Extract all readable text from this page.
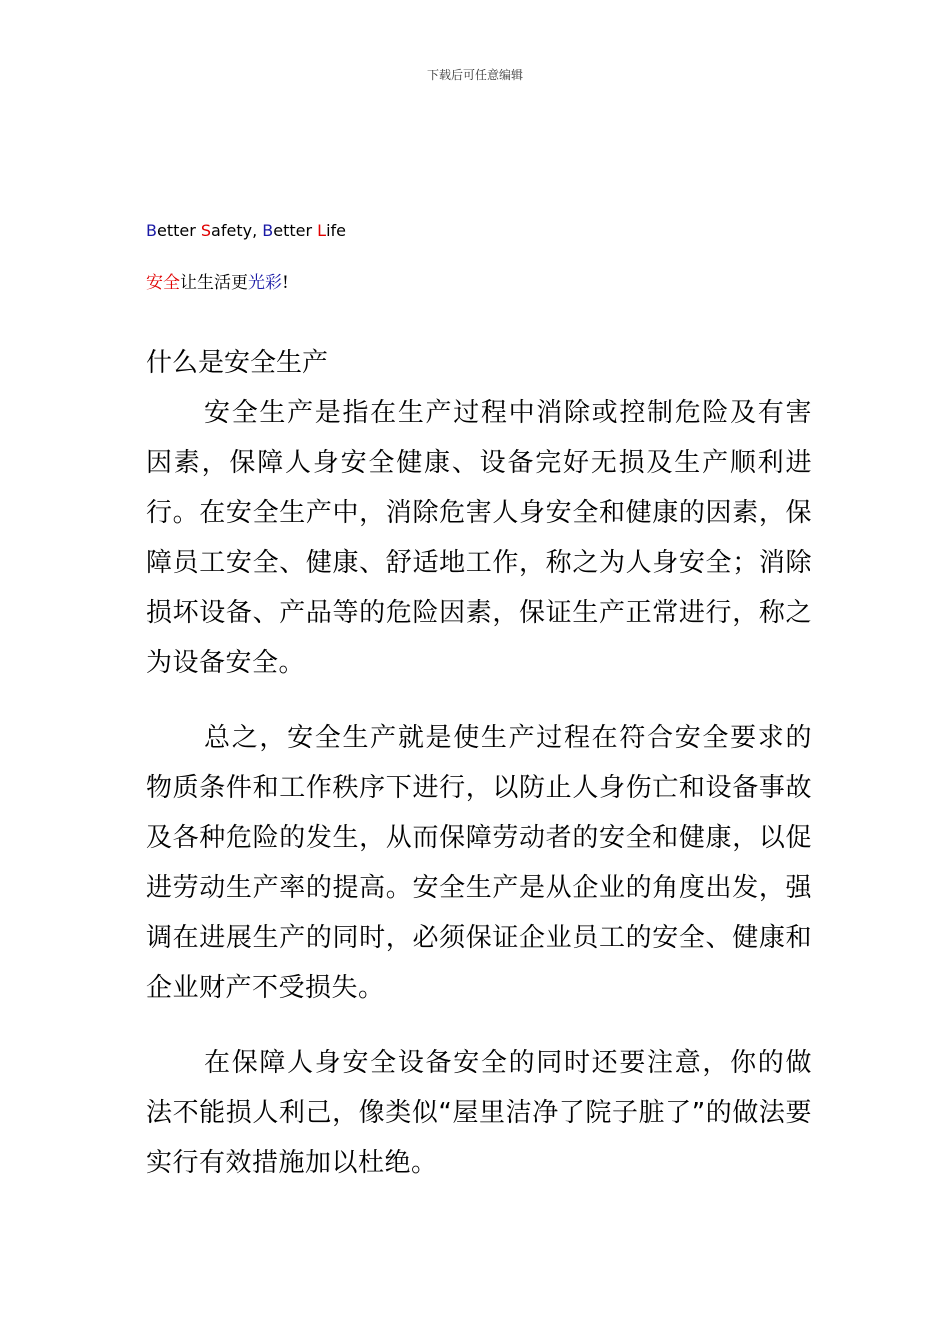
下载后可任意编辑
Better Safety, Better Life
安全让生活更光彩!
什么是安全生产

安全生产是指在生产过程中消除或控制危险及有害因素，保障人身安全健康、设备完好无损及生产顺利进行。在安全生产中，消除危害人身安全和健康的因素，保障员工安全、健康、舒适地工作，称之为人身安全；消除损坏设备、产品等的危险因素，保证生产正常进行，称之为设备安全。

总之，安全生产就是使生产过程在符合安全要求的物质条件和工作秩序下进行，以防止人身伤亡和设备事故及各种危险的发生，从而保障劳动者的安全和健康，以促进劳动生产率的提高。安全生产是从企业的角度出发，强调在进展生产的同时，必须保证企业员工的安全、健康和企业财产不受损失。

在保障人身安全设备安全的同时还要注意，你的做法不能损人利己，像类似“屋里洁净了院子脏了”的做法要实行有效措施加以杜绝。
